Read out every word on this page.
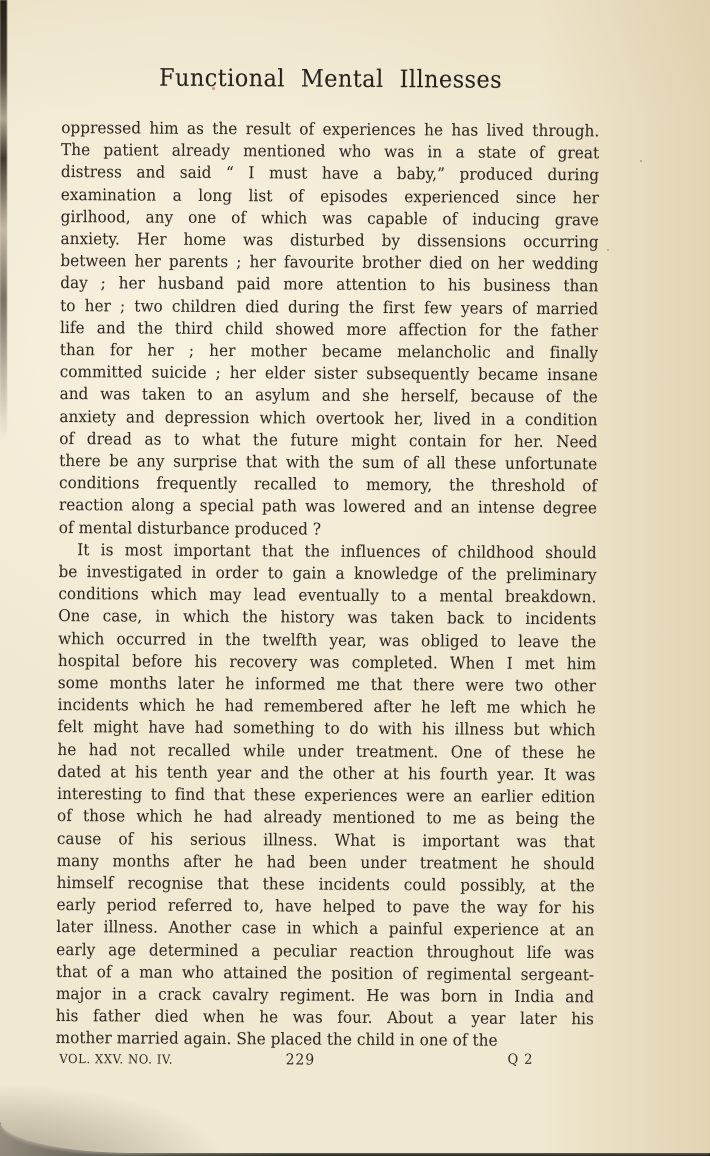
Functional Mental Illnesses
oppressed him as the result of experiences he has lived through.
The patient already mentioned who was in a state of great
distress and said “ I must have a baby,” produced during
examination a long list of episodes experienced since her
girlhood, any one of which was capable of inducing grave
anxiety. Her home was disturbed by dissensions occurring
between her parents ; her favourite brother died on her wedding
day ; her husband paid more attention to his business than
to her ; two children died during the first few years of married
life and the third child showed more affection for the father
than for her ; her mother became melancholic and finally
committed suicide ; her elder sister subsequently became insane
and was taken to an asylum and she herself, because of the
anxiety and depression which overtook her, lived in a condition
of dread as to what the future might contain for her. Need
there be any surprise that with the sum of all these unfortunate
conditions frequently recalled to memory, the threshold of
reaction along a special path was lowered and an intense degree
of mental disturbance produced ?
It is most important that the influences of childhood should
be investigated in order to gain a knowledge of the preliminary
conditions which may lead eventually to a mental breakdown.
One case, in which the history was taken back to incidents
which occurred in the twelfth year, was obliged to leave the
hospital before his recovery was completed. When I met him
some months later he informed me that there were two other
incidents which he had remembered after he left me which he
felt might have had something to do with his illness but which
he had not recalled while under treatment. One of these he
dated at his tenth year and the other at his fourth year. It was
interesting to find that these experiences were an earlier edition
of those which he had already mentioned to me as being the
cause of his serious illness. What is important was that
many months after he had been under treatment he should
himself recognise that these incidents could possibly, at the
early period referred to, have helped to pave the way for his
later illness. Another case in which a painful experience at an
early age determined a peculiar reaction throughout life was
that of a man who attained the position of regimental sergeant-
major in a crack cavalry regiment. He was born in India and
his father died when he was four. About a year later his
mother married again. She placed the child in one of the
VOL. XXV. NO. IV.	229	Q 2
